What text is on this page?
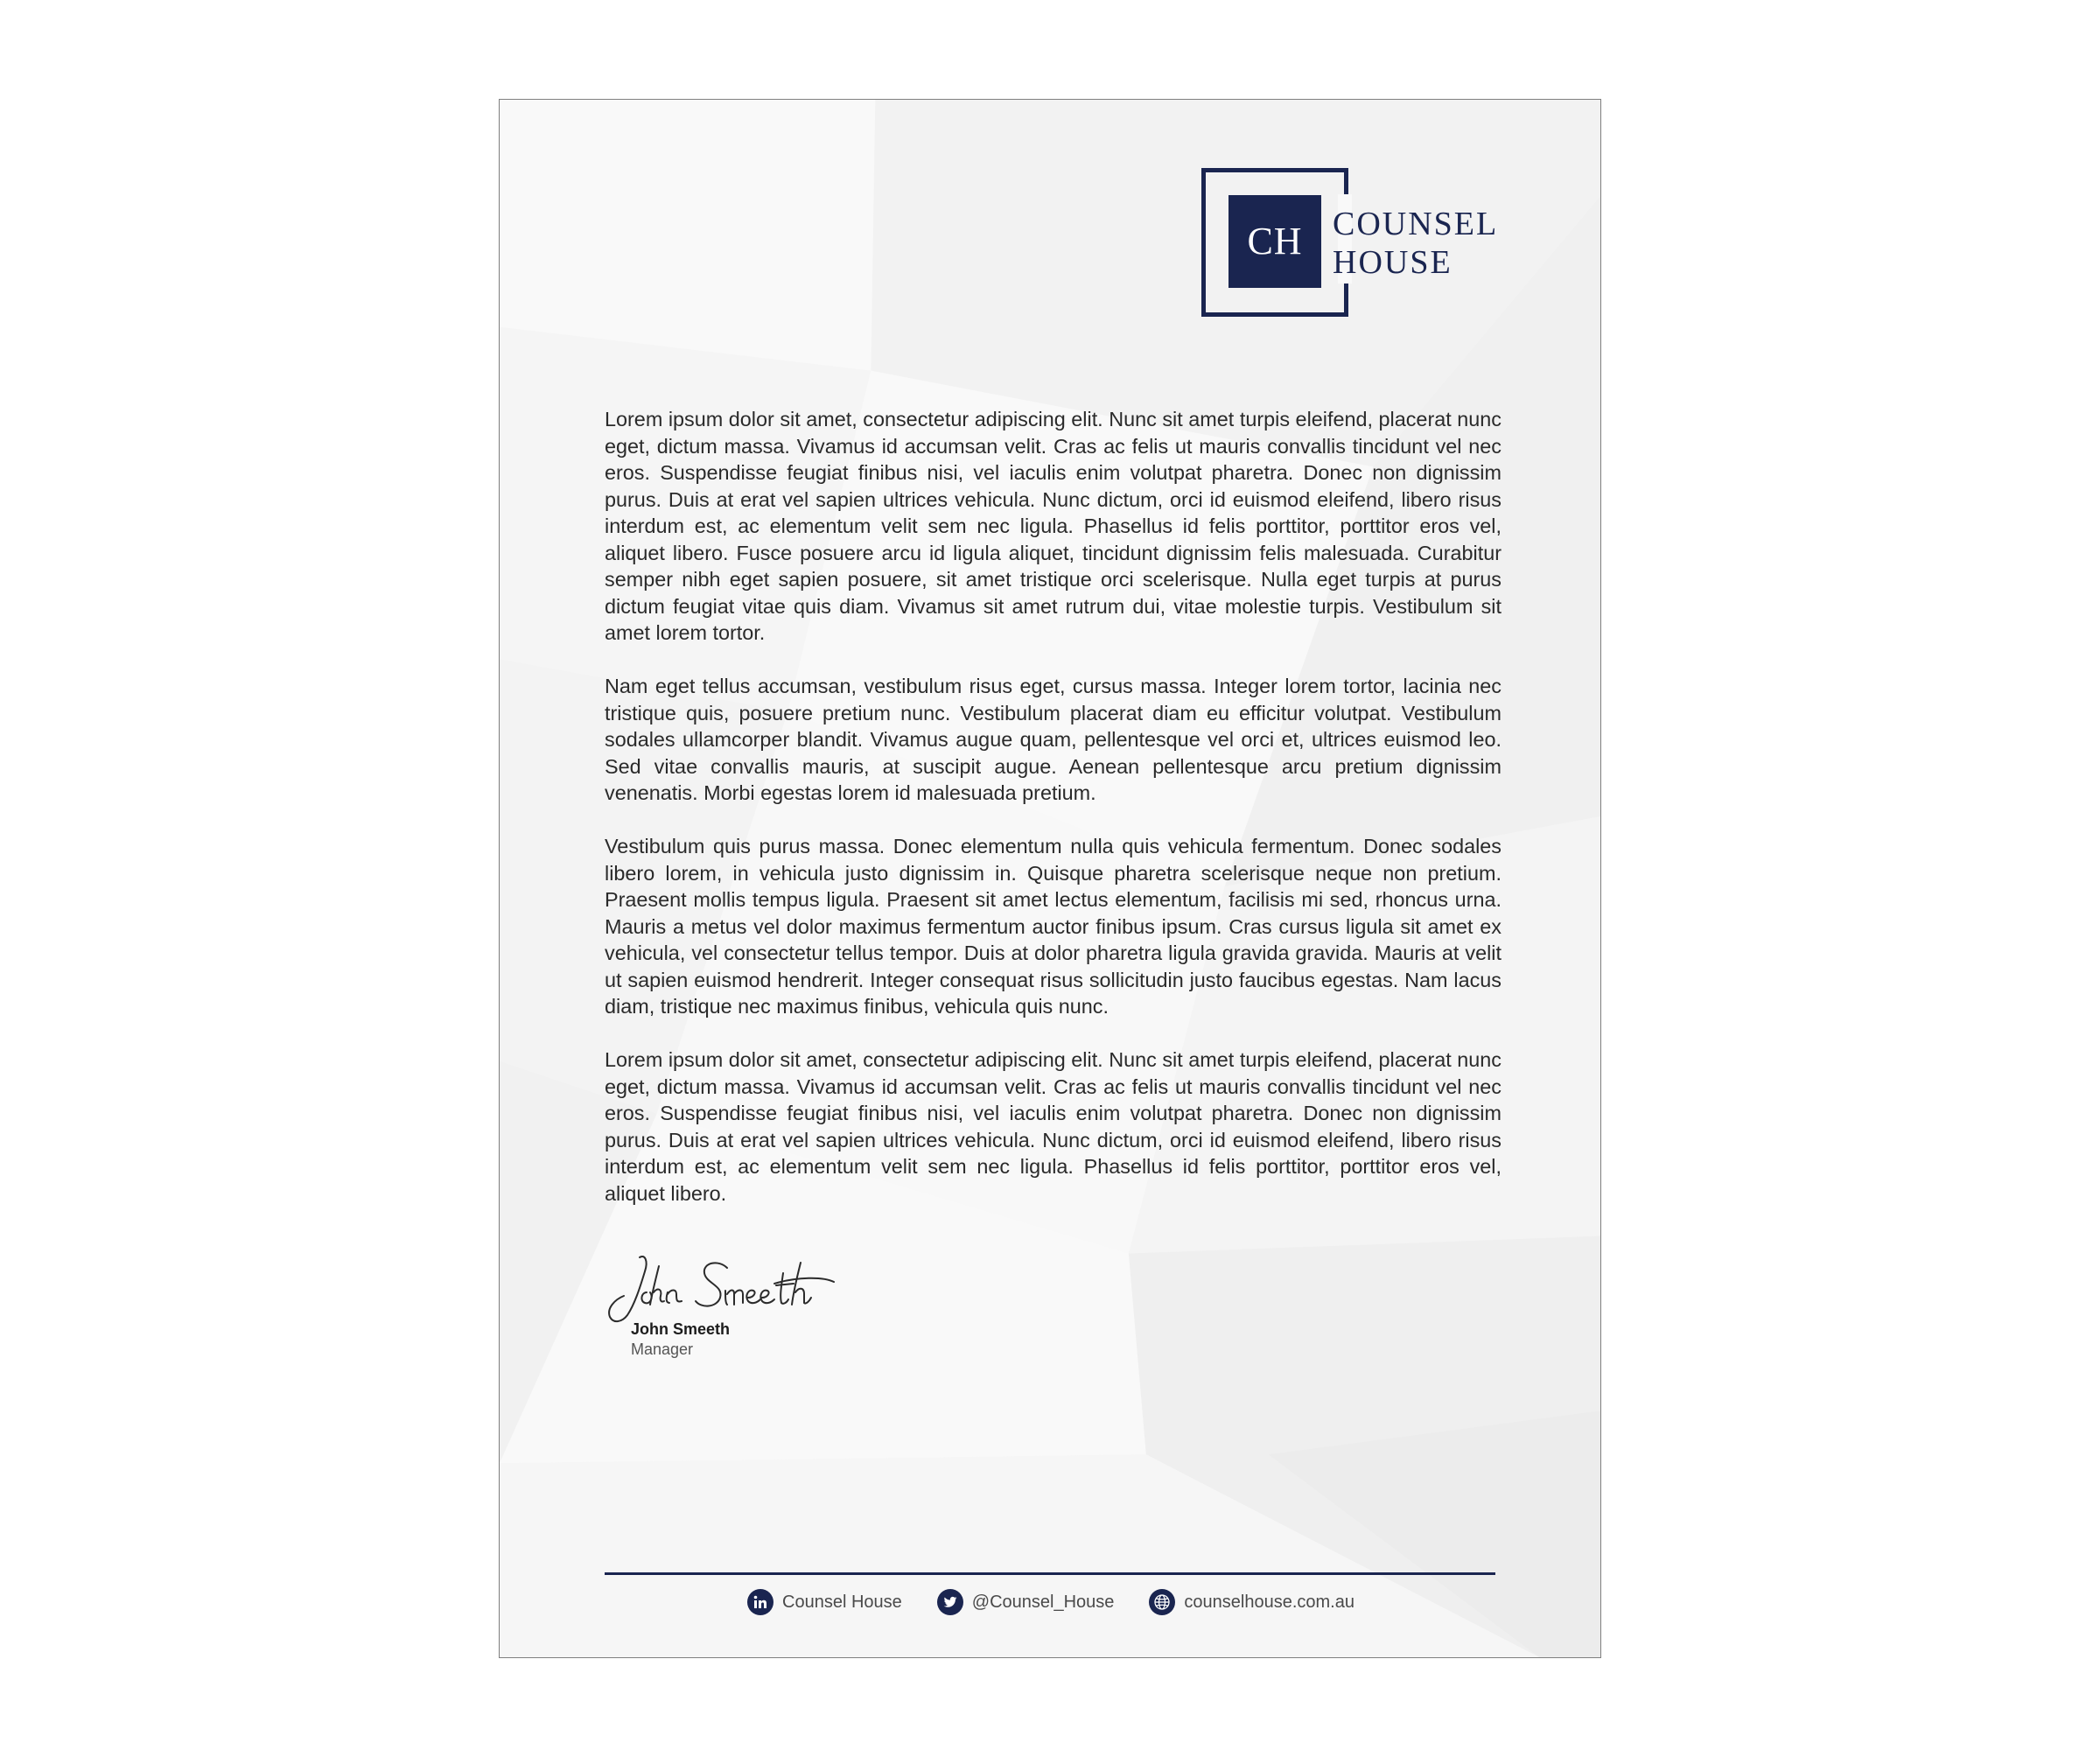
CH COUNSEL
HOUSE

Lorem ipsum dolor sit amet, consectetur adipiscing elit. Nunc sit amet turpis eleifend, placerat nunc eget, dictum massa. Vivamus id accumsan velit. Cras ac felis ut mauris convallis tincidunt vel nec eros. Suspendisse feugiat finibus nisi, vel iaculis enim volutpat pharetra. Donec non dignissim purus. Duis at erat vel sapien ultrices vehicula. Nunc dictum, orci id euismod eleifend, libero risus interdum est, ac elementum velit sem nec ligula. Phasellus id felis porttitor, porttitor eros vel, aliquet libero. Fusce posuere arcu id ligula aliquet, tincidunt dignissim felis malesuada. Curabitur semper nibh eget sapien posuere, sit amet tristique orci scelerisque. Nulla eget turpis at purus dictum feugiat vitae quis diam. Vivamus sit amet rutrum dui, vitae molestie turpis. Vestibulum sit amet lorem tortor.

Nam eget tellus accumsan, vestibulum risus eget, cursus massa. Integer lorem tortor, lacinia nec tristique quis, posuere pretium nunc. Vestibulum placerat diam eu efficitur volutpat. Vestibulum sodales ullamcorper blandit. Vivamus augue quam, pellentesque vel orci et, ultrices euismod leo. Sed vitae convallis mauris, at suscipit augue. Aenean pellentesque arcu pretium dignissim venenatis. Morbi egestas lorem id malesuada pretium.

Vestibulum quis purus massa. Donec elementum nulla quis vehicula fermentum. Donec sodales libero lorem, in vehicula justo dignissim in. Quisque pharetra scelerisque neque non pretium. Praesent mollis tempus ligula. Praesent sit amet lectus elementum, facilisis mi sed, rhoncus urna. Mauris a metus vel dolor maximus fermentum auctor finibus ipsum. Cras cursus ligula sit amet ex vehicula, vel consectetur tellus tempor. Duis at dolor pharetra ligula gravida gravida. Mauris at velit ut sapien euismod hendrerit. Integer consequat risus sollicitudin justo faucibus egestas. Nam lacus diam, tristique nec maximus finibus, vehicula quis nunc.

Lorem ipsum dolor sit amet, consectetur adipiscing elit. Nunc sit amet turpis eleifend, placerat nunc eget, dictum massa. Vivamus id accumsan velit. Cras ac felis ut mauris convallis tincidunt vel nec eros. Suspendisse feugiat finibus nisi, vel iaculis enim volutpat pharetra. Donec non dignissim purus. Duis at erat vel sapien ultrices vehicula. Nunc dictum, orci id euismod eleifend, libero risus interdum est, ac elementum velit sem nec ligula. Phasellus id felis porttitor, porttitor eros vel, aliquet libero.

John Smeeth
Manager
Counsel House	@Counsel_House	counselhouse.com.au
